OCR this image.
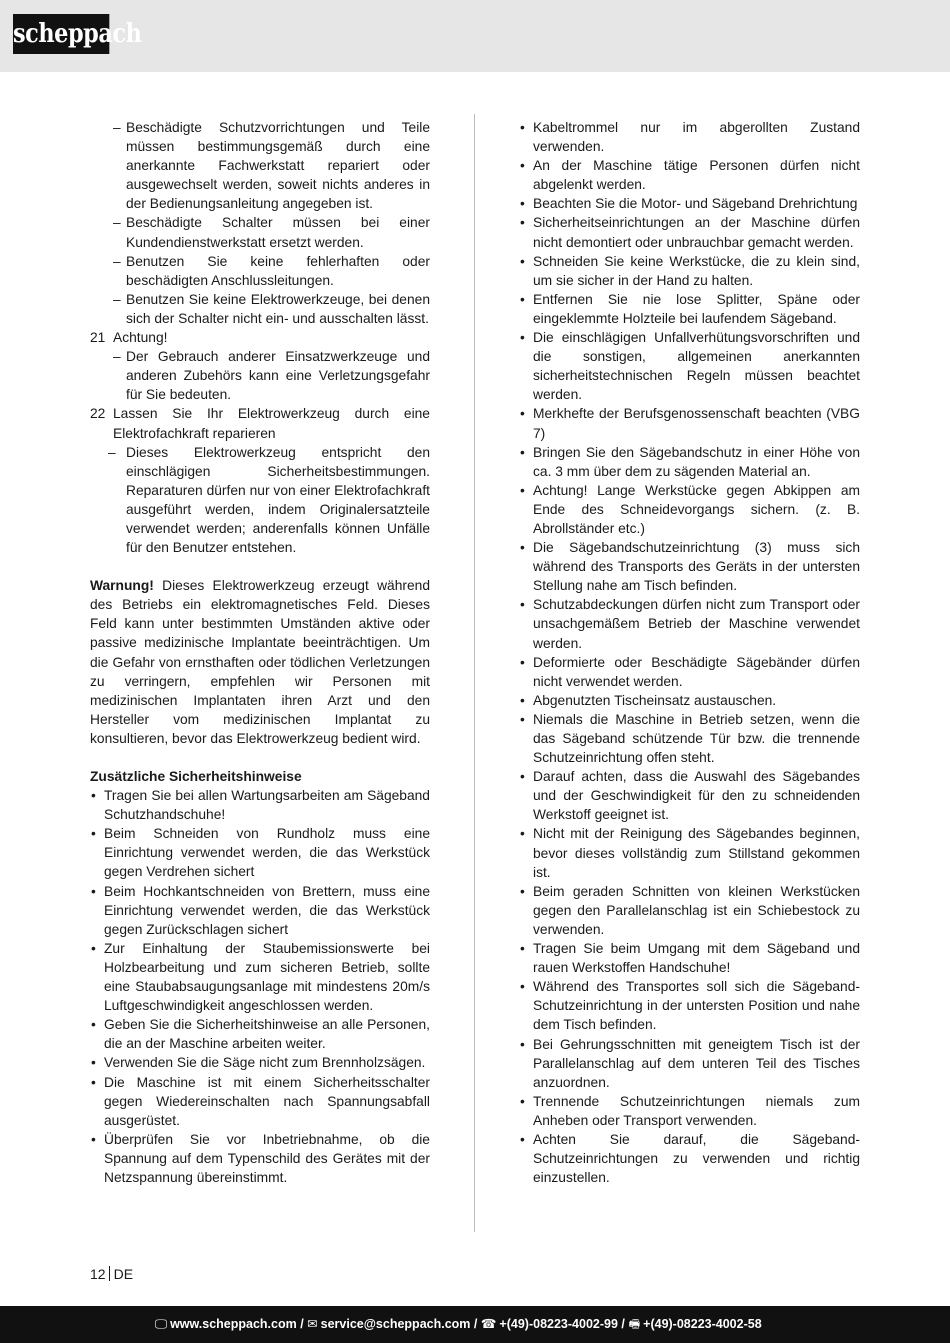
scheppach
– Beschädigte Schutzvorrichtungen und Teile müssen bestimmungsgemäß durch eine anerkannte Fachwerkstatt repariert oder ausgewechselt werden, soweit nichts anderes in der Bedienungsanleitung angegeben ist.
– Beschädigte Schalter müssen bei einer Kundendienstwerkstatt ersetzt werden.
– Benutzen Sie keine fehlerhaften oder beschädigten Anschlussleitungen.
– Benutzen Sie keine Elektrowerkzeuge, bei denen sich der Schalter nicht ein- und ausschalten lässt.
21 Achtung!
– Der Gebrauch anderer Einsatzwerkzeuge und anderen Zubehörs kann eine Verletzungsgefahr für Sie bedeuten.
22 Lassen Sie Ihr Elektrowerkzeug durch eine Elektrofachkraft reparieren
– Dieses Elektrowerkzeug entspricht den einschlägigen Sicherheitsbestimmungen. Reparaturen dürfen nur von einer Elektrofachkraft ausgeführt werden, indem Originalersatzteile verwendet werden; anderenfalls können Unfälle für den Benutzer entstehen.
Warnung! Dieses Elektrowerkzeug erzeugt während des Betriebs ein elektromagnetisches Feld. Dieses Feld kann unter bestimmten Umständen aktive oder passive medizinische Implantate beeinträchtigen. Um die Gefahr von ernsthaften oder tödlichen Verletzungen zu verringern, empfehlen wir Personen mit medizinischen Implantaten ihren Arzt und den Hersteller vom medizinischen Implantat zu konsultieren, bevor das Elektrowerkzeug bedient wird.
Zusätzliche Sicherheitshinweise
• Tragen Sie bei allen Wartungsarbeiten am Sägeband Schutzhandschuhe!
• Beim Schneiden von Rundholz muss eine Einrichtung verwendet werden, die das Werkstück gegen Verdrehen sichert
• Beim Hochkantschneiden von Brettern, muss eine Einrichtung verwendet werden, die das Werkstück gegen Zurückschlagen sichert
• Zur Einhaltung der Staubemissionswerte bei Holzbearbeitung und zum sicheren Betrieb, sollte eine Staubabsaugungsanlage mit mindestens 20m/s Luftgeschwindigkeit angeschlossen werden.
• Geben Sie die Sicherheitshinweise an alle Personen, die an der Maschine arbeiten weiter.
• Verwenden Sie die Säge nicht zum Brennholzsägen.
• Die Maschine ist mit einem Sicherheitsschalter gegen Wiedereinschalten nach Spannungsabfall ausgerüstet.
• Überprüfen Sie vor Inbetriebnahme, ob die Spannung auf dem Typenschild des Gerätes mit der Netzspannung übereinstimmt.
• Kabeltrommel nur im abgerollten Zustand verwenden.
• An der Maschine tätige Personen dürfen nicht abgelenkt werden.
• Beachten Sie die Motor- und Sägeband Drehrichtung
• Sicherheitseinrichtungen an der Maschine dürfen nicht demontiert oder unbrauchbar gemacht werden.
• Schneiden Sie keine Werkstücke, die zu klein sind, um sie sicher in der Hand zu halten.
• Entfernen Sie nie lose Splitter, Späne oder eingeklemmte Holzteile bei laufendem Sägeband.
• Die einschlägigen Unfallverhütungsvorschriften und die sonstigen, allgemeinen anerkannten sicherheitstechnischen Regeln müssen beachtet werden.
• Merkhefte der Berufsgenossenschaft beachten (VBG 7)
• Bringen Sie den Sägebandschutz in einer Höhe von ca. 3 mm über dem zu sägenden Material an.
• Achtung! Lange Werkstücke gegen Abkippen am Ende des Schneidevorgangs sichern. (z. B. Abrollständer etc.)
• Die Sägebandschutzeinrichtung (3) muss sich während des Transports des Geräts in der untersten Stellung nahe am Tisch befinden.
• Schutzabdeckungen dürfen nicht zum Transport oder unsachgemäßem Betrieb der Maschine verwendet werden.
• Deformierte oder Beschädigte Sägebänder dürfen nicht verwendet werden.
• Abgenutzten Tischeinsatz austauschen.
• Niemals die Maschine in Betrieb setzen, wenn die das Sägeband schützende Tür bzw. die trennende Schutzeinrichtung offen steht.
• Darauf achten, dass die Auswahl des Sägebandes und der Geschwindigkeit für den zu schneidenden Werkstoff geeignet ist.
• Nicht mit der Reinigung des Sägebandes beginnen, bevor dieses vollständig zum Stillstand gekommen ist.
• Beim geraden Schnitten von kleinen Werkstücken gegen den Parallelanschlag ist ein Schiebestock zu verwenden.
• Tragen Sie beim Umgang mit dem Sägeband und rauen Werkstoffen Handschuhe!
• Während des Transportes soll sich die Sägeband-Schutzeinrichtung in der untersten Position und nahe dem Tisch befinden.
• Bei Gehrungsschnitten mit geneigtem Tisch ist der Parallelanschlag auf dem unteren Teil des Tisches anzuordnen.
• Trennende Schutzeinrichtungen niemals zum Anheben oder Transport verwenden.
• Achten Sie darauf, die Sägeband- Schutzeinrichtungen zu verwenden und richtig einzustellen.
12 DE
🖵 www.scheppach.com / ✉ service@scheppach.com / ☎ +(49)-08223-4002-99 / 🖷 +(49)-08223-4002-58
